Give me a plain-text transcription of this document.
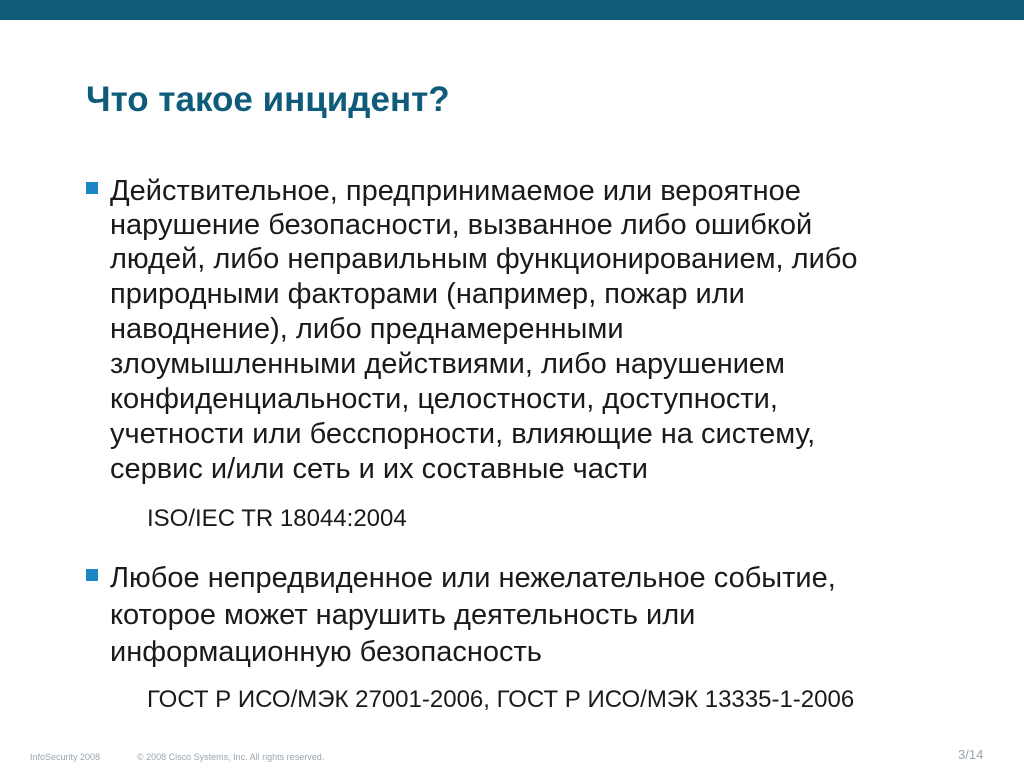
Что такое инцидент?
Действительное, предпринимаемое или вероятное
нарушение безопасности, вызванное либо ошибкой
людей, либо неправильным функционированием, либо
природными факторами (например, пожар или
наводнение), либо преднамеренными
злоумышленными действиями, либо нарушением
конфиденциальности, целостности, доступности,
учетности или бесспорности, влияющие на систему,
сервис и/или сеть и их составные части
ISO/IEC TR 18044:2004
Любое непредвиденное или нежелательное событие,
которое может нарушить деятельность или
информационную безопасность
ГОСТ Р ИСО/МЭК 27001-2006, ГОСТ Р ИСО/МЭК 13335-1-2006
InfoSecurity 2008	© 2008 Cisco Systems, Inc. All rights reserved.	3/14
